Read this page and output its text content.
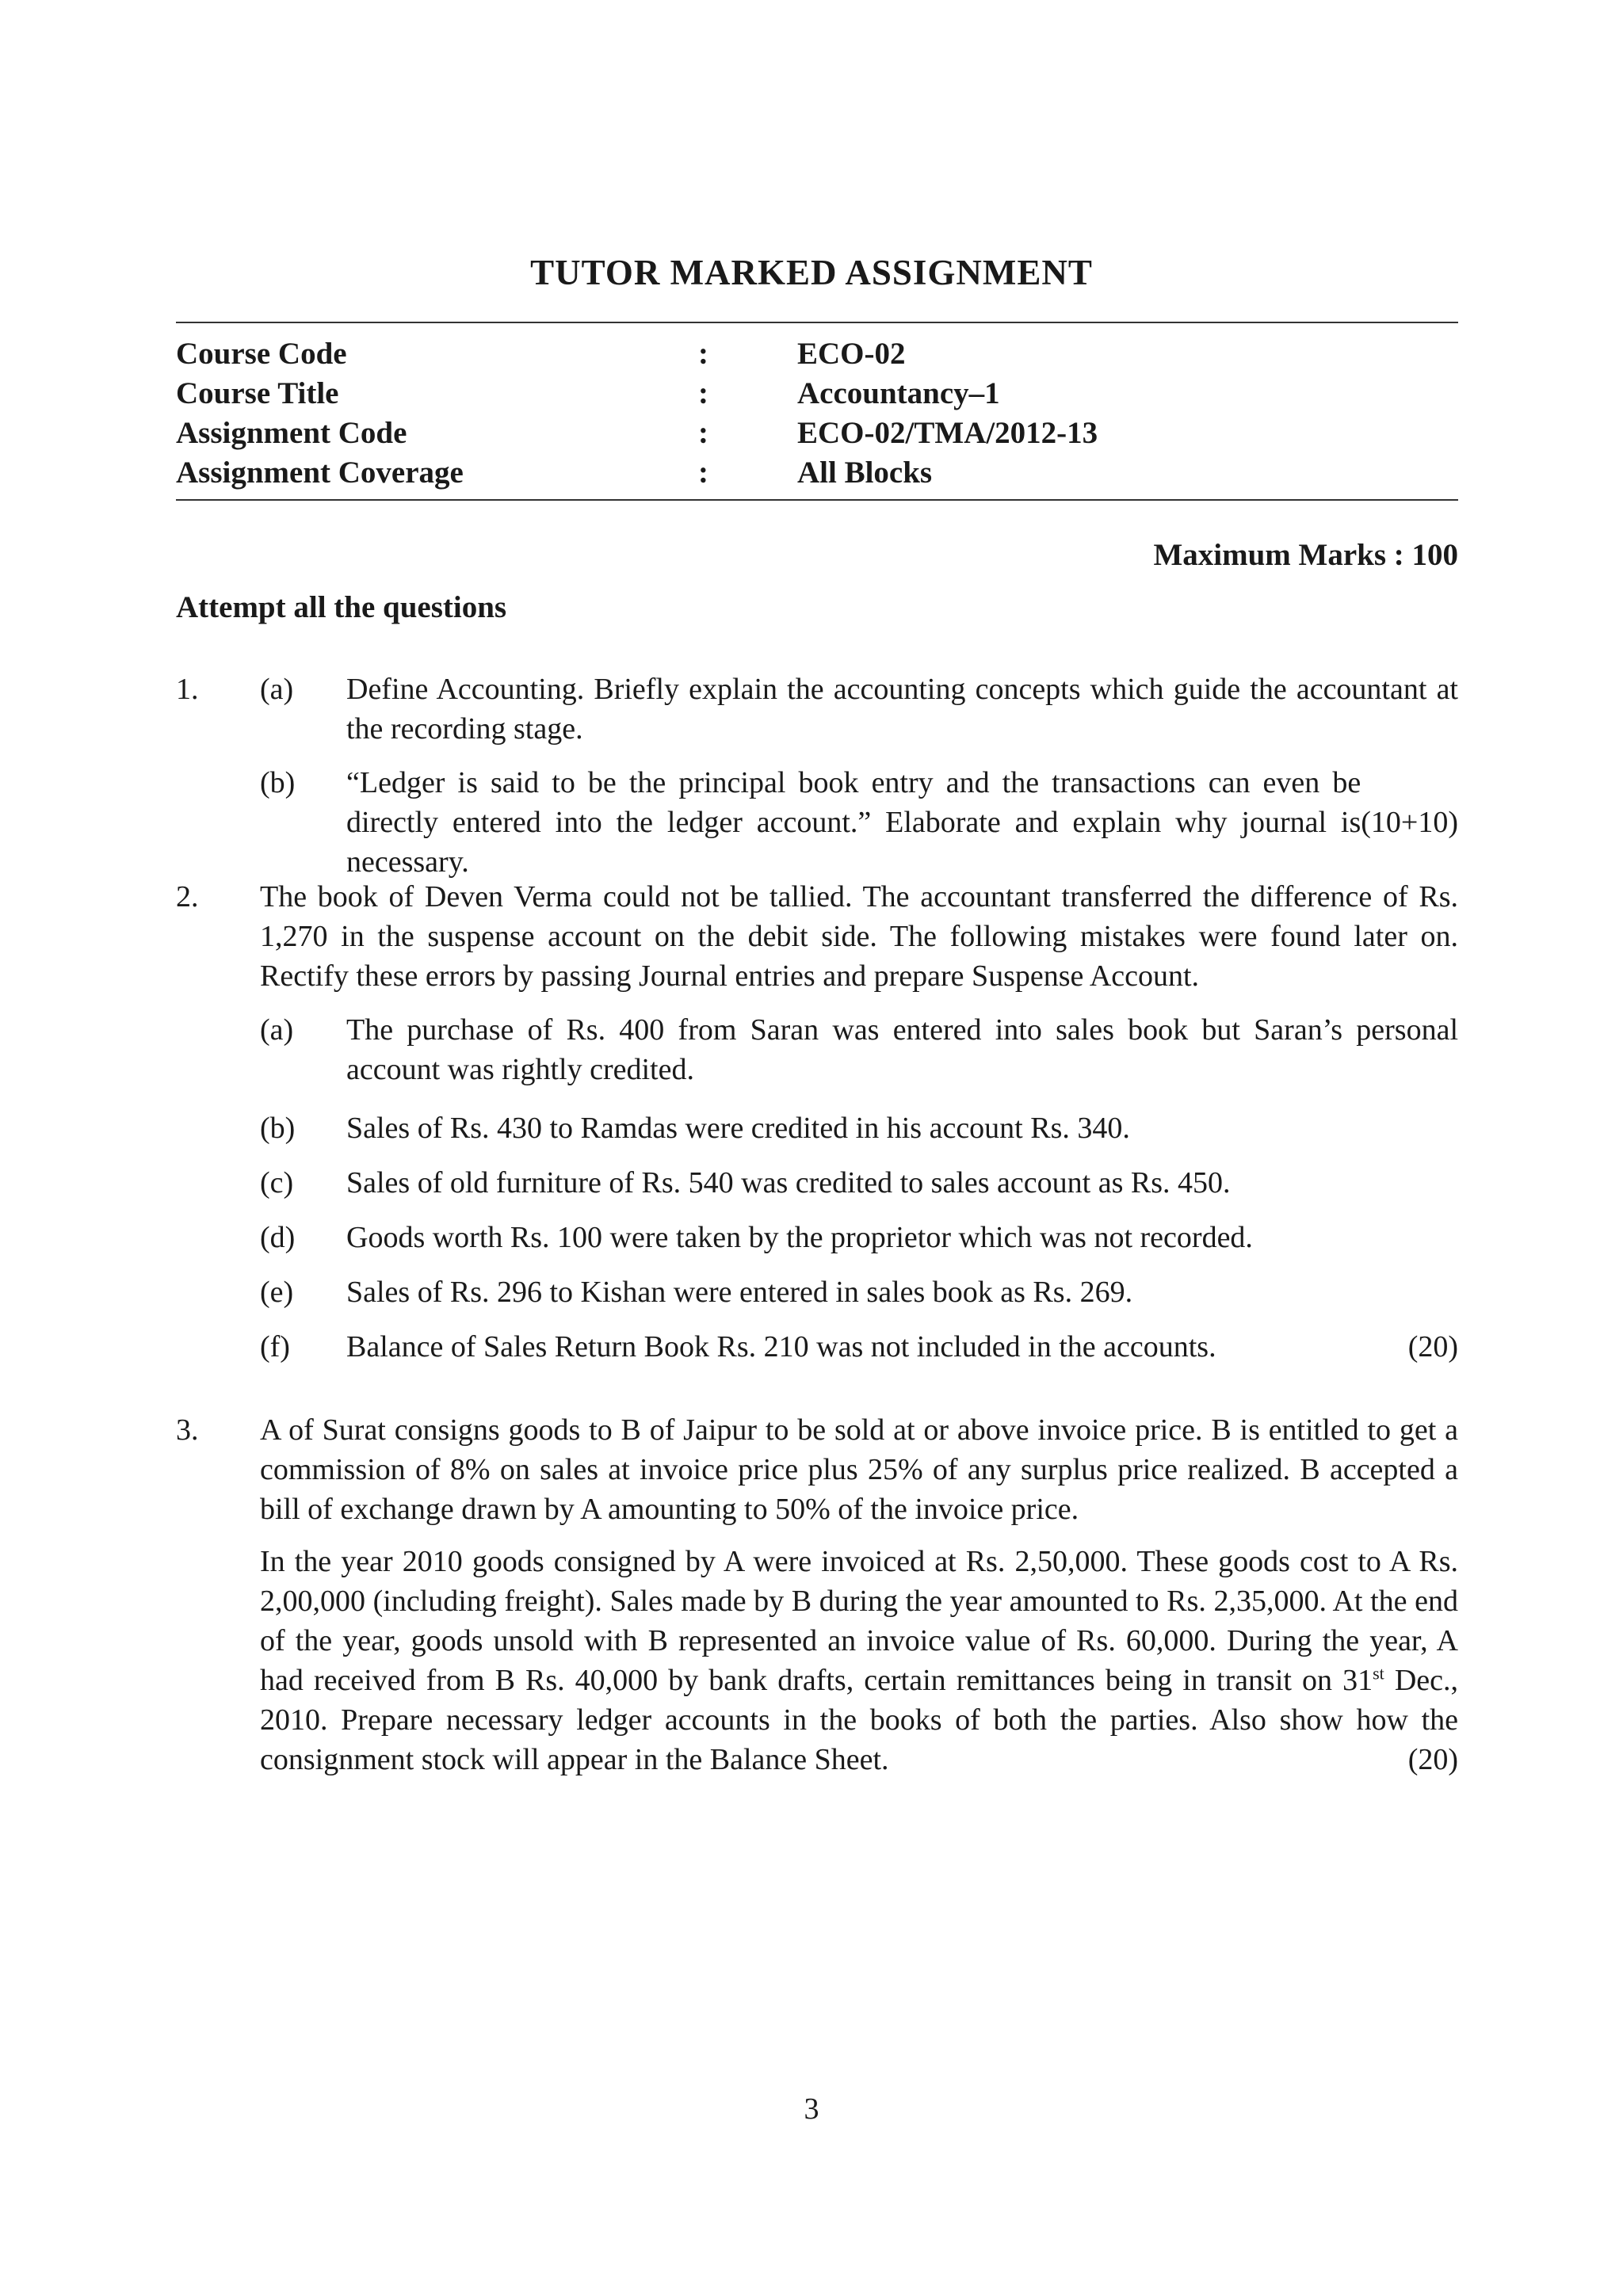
TUTOR MARKED ASSIGNMENT
Course Code	:	ECO-02
Course Title	:	Accountancy–1
Assignment Code	:	ECO-02/TMA/2012-13
Assignment Coverage	:	All Blocks
Maximum Marks : 100
Attempt all the questions
1. (a) Define Accounting. Briefly explain the accounting concepts which guide the accountant at the recording stage.
(b)
(10+10)
“Ledger is said to be the principal book entry and the transactions can even be directly entered into the ledger account.” Elaborate and explain why journal is necessary.
2. The book of Deven Verma could not be tallied. The accountant transferred the difference of Rs. 1,270 in the suspense account on the debit side. The following mistakes were found later on. Rectify these errors by passing Journal entries and prepare Suspense Account.
(a) The purchase of Rs. 400 from Saran was entered into sales book but Saran’s personal account was rightly credited.
(b) Sales of Rs. 430 to Ramdas were credited in his account Rs. 340.
(c) Sales of old furniture of Rs. 540 was credited to sales account as Rs. 450.
(d) Goods worth Rs. 100 were taken by the proprietor which was not recorded.
(e) Sales of Rs. 296 to Kishan were entered in sales book as Rs. 269.
(f)	(20)
Balance of Sales Return Book Rs. 210 was not included in the accounts.
3. A of Surat consigns goods to B of Jaipur to be sold at or above invoice price. B is entitled to get a commission of 8% on sales at invoice price plus 25% of any surplus price realized. B accepted a bill of exchange drawn by A amounting to 50% of the invoice price.
In the year 2010 goods consigned by A were invoiced at Rs. 2,50,000. These goods cost to A Rs. 2,00,000 (including freight). Sales made by B during the year amounted to Rs. 2,35,000. At the end of the year, goods unsold with B represented an invoice value of Rs. 60,000. During the year, A had received from B Rs. 40,000 by bank drafts, certain remittances being in transit on 31st Dec., 2010. Prepare necessary ledger accounts in the books of both the parties. Also show how the consignment stock will appear in the Balance Sheet.	(20)
3
